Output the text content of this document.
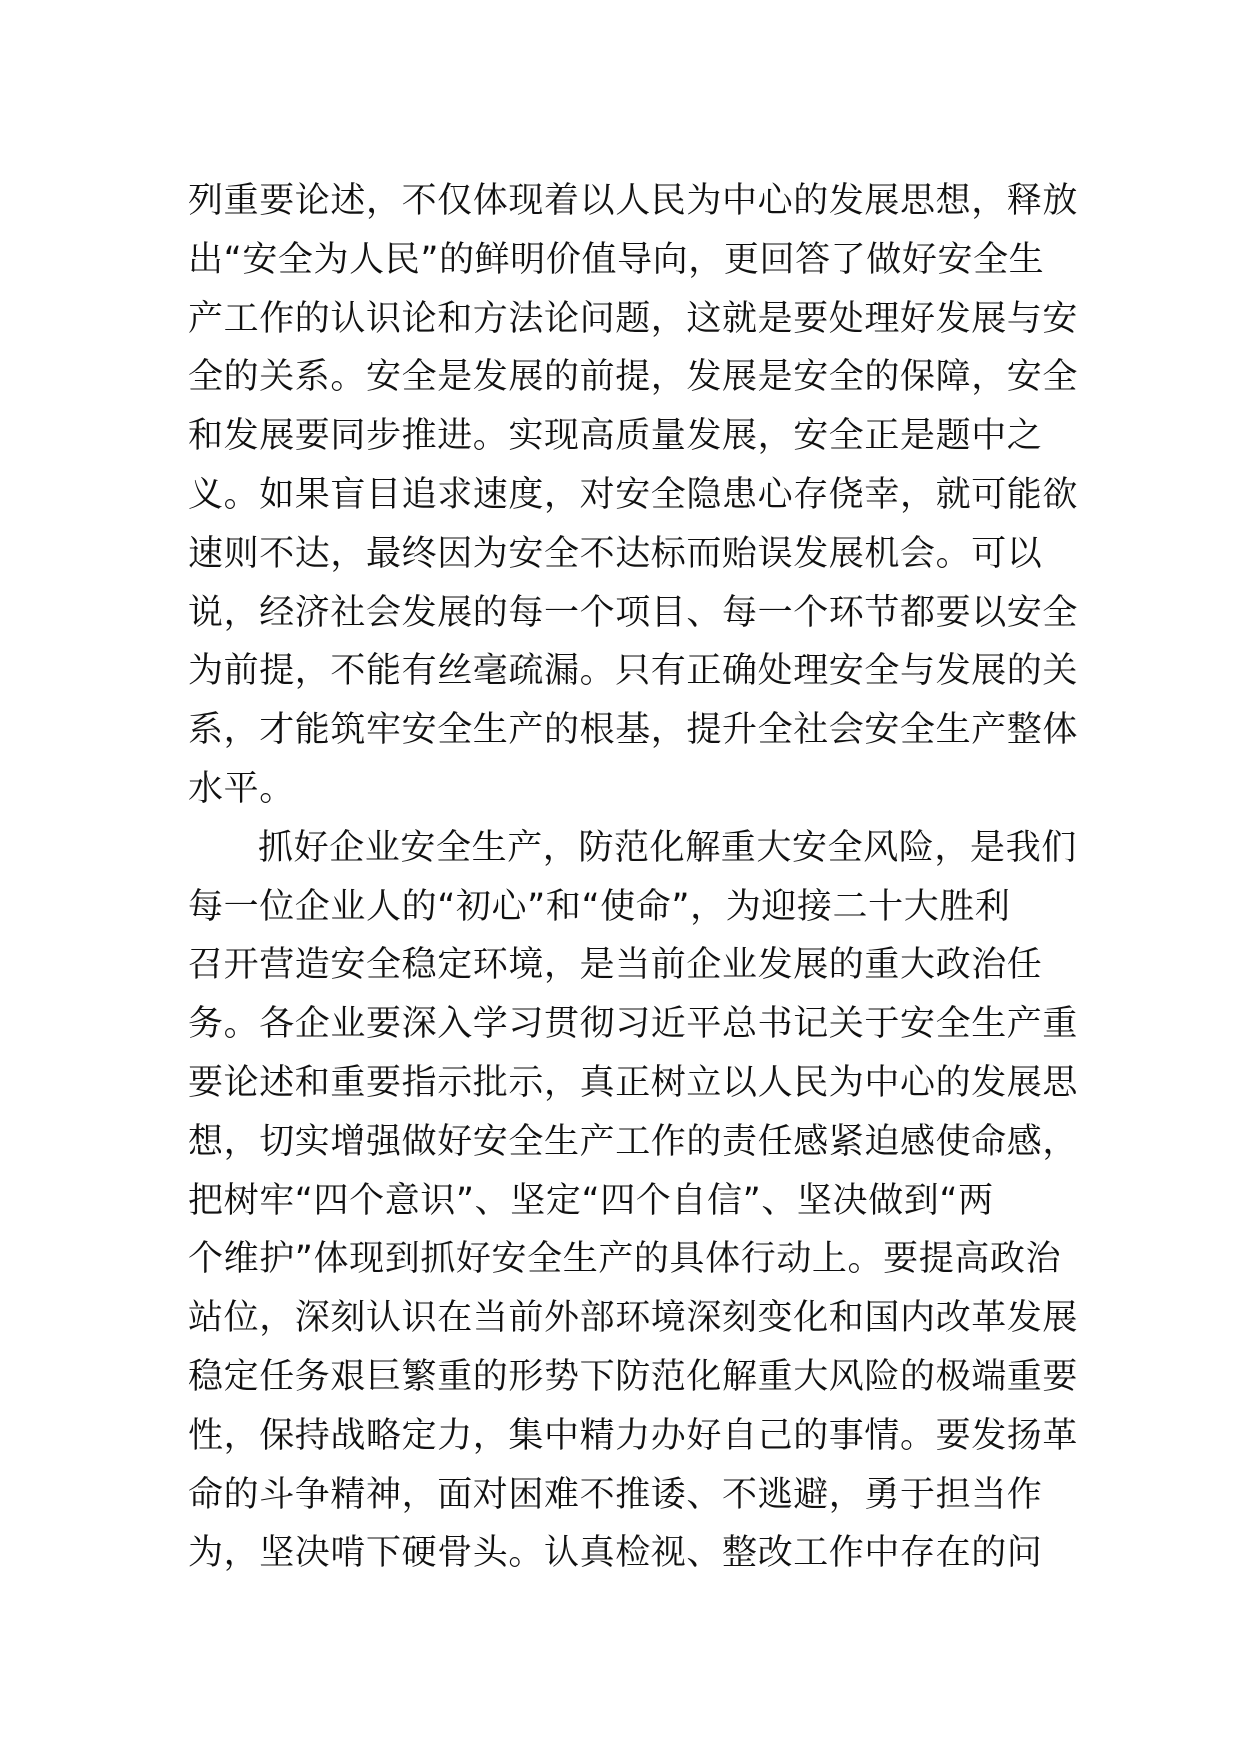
列重要论述，不仅体现着以人民为中心的发展思想，释放
出“安全为人民”的鲜明价值导向，更回答了做好安全生
产工作的认识论和方法论问题，这就是要处理好发展与安
全的关系。安全是发展的前提，发展是安全的保障，安全
和发展要同步推进。实现高质量发展，安全正是题中之
义。如果盲目追求速度，对安全隐患心存侥幸，就可能欲
速则不达，最终因为安全不达标而贻误发展机会。可以
说，经济社会发展的每一个项目、每一个环节都要以安全
为前提，不能有丝毫疏漏。只有正确处理安全与发展的关
系，才能筑牢安全生产的根基，提升全社会安全生产整体
水平。
抓好企业安全生产，防范化解重大安全风险，是我们
每一位企业人的“初心”和“使命”，为迎接二十大胜利
召开营造安全稳定环境，是当前企业发展的重大政治任
务。各企业要深入学习贯彻习近平总书记关于安全生产重
要论述和重要指示批示，真正树立以人民为中心的发展思
想，切实增强做好安全生产工作的责任感紧迫感使命感，
把树牢“四个意识”、坚定“四个自信”、坚决做到“两
个维护”体现到抓好安全生产的具体行动上。要提高政治
站位，深刻认识在当前外部环境深刻变化和国内改革发展
稳定任务艰巨繁重的形势下防范化解重大风险的极端重要
性，保持战略定力，集中精力办好自己的事情。要发扬革
命的斗争精神，面对困难不推诿、不逃避，勇于担当作
为，坚决啃下硬骨头。认真检视、整改工作中存在的问
